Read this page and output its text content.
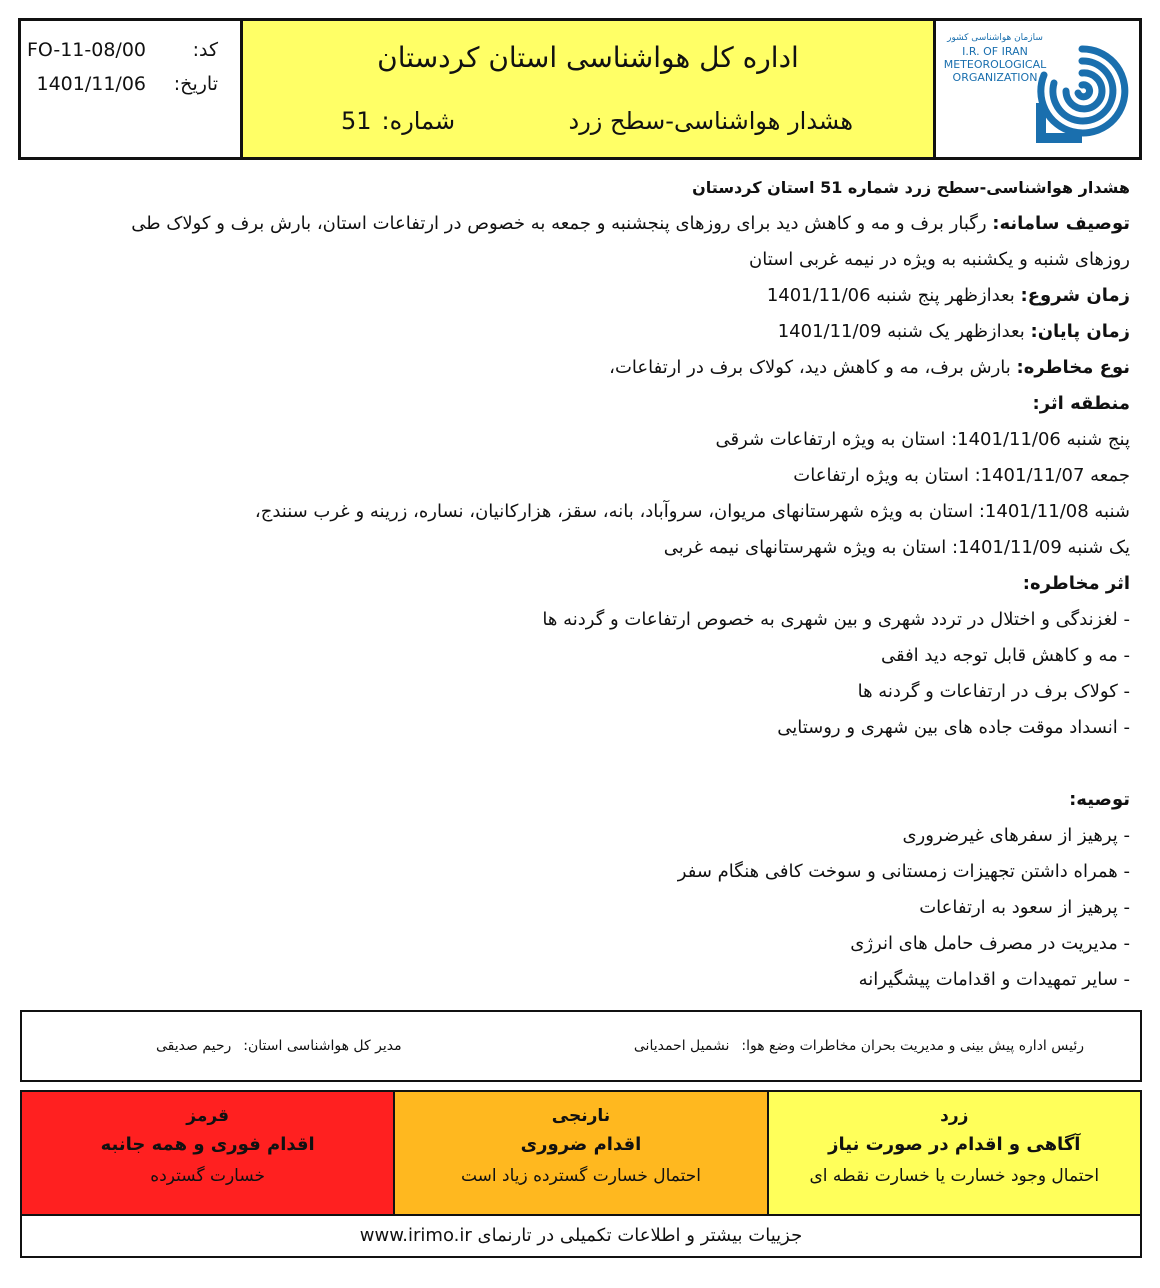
کد:
FO-11-08/00
تاریخ:
1401/11/06
اداره کل هواشناسی استان کردستان
هشدار هواشناسی-سطح زرد
شماره:
51
سازمان هواشناسی کشور
I.R. OF IRAN
METEOROLOGICAL
ORGANIZATION
هشدار هواشناسی-سطح زرد شماره 51 استان کردستان
توصیف سامانه: رگبار برف و مه و کاهش دید برای روزهای پنجشنبه و جمعه به خصوص در ارتفاعات استان، بارش برف و کولاک طی روزهای شنبه و یکشنبه به ویژه در نیمه غربی استان
زمان شروع: بعدازظهر پنج شنبه 1401/11/06
زمان پایان: بعدازظهر یک شنبه 1401/11/09
نوع مخاطره: بارش برف، مه و کاهش دید، کولاک برف در ارتفاعات،
منطقه اثر:
پنج شنبه 1401/11/06: استان به ویژه ارتفاعات شرقی
جمعه 1401/11/07: استان به ویژه ارتفاعات
شنبه 1401/11/08: استان به ویژه شهرستانهای مریوان، سروآباد، بانه، سقز، هزارکانیان، نساره، زرینه و غرب سنندج،
یک شنبه 1401/11/09: استان به ویژه شهرستانهای نیمه غربی
اثر مخاطره:
- لغزندگی و اختلال در تردد شهری و بین شهری به خصوص ارتفاعات و گردنه ها
- مه و کاهش قابل توجه دید افقی
- کولاک برف در ارتفاعات و گردنه ها
- انسداد موقت جاده های بین شهری و روستایی
توصیه:
- پرهیز از سفرهای غیرضروری
- همراه داشتن تجهیزات زمستانی و سوخت کافی هنگام سفر
- پرهیز از سعود به ارتفاعات
- مدیریت در مصرف حامل های انرژی
- سایر تمهیدات و اقدامات پیشگیرانه
رئیس اداره پیش بینی و مدیریت بحران مخاطرات وضع هوا:
نشمیل احمدیانی
مدیر کل هواشناسی استان:
رحیم صدیقی
قرمز
اقدام فوری و همه جانبه
خسارت گسترده
نارنجی
اقدام ضروری
احتمال خسارت گسترده زیاد است
زرد
آگاهی و اقدام در صورت نیاز
احتمال وجود خسارت یا خسارت نقطه ای
جزییات بیشتر و اطلاعات تکمیلی در تارنمای www.irimo.ir
